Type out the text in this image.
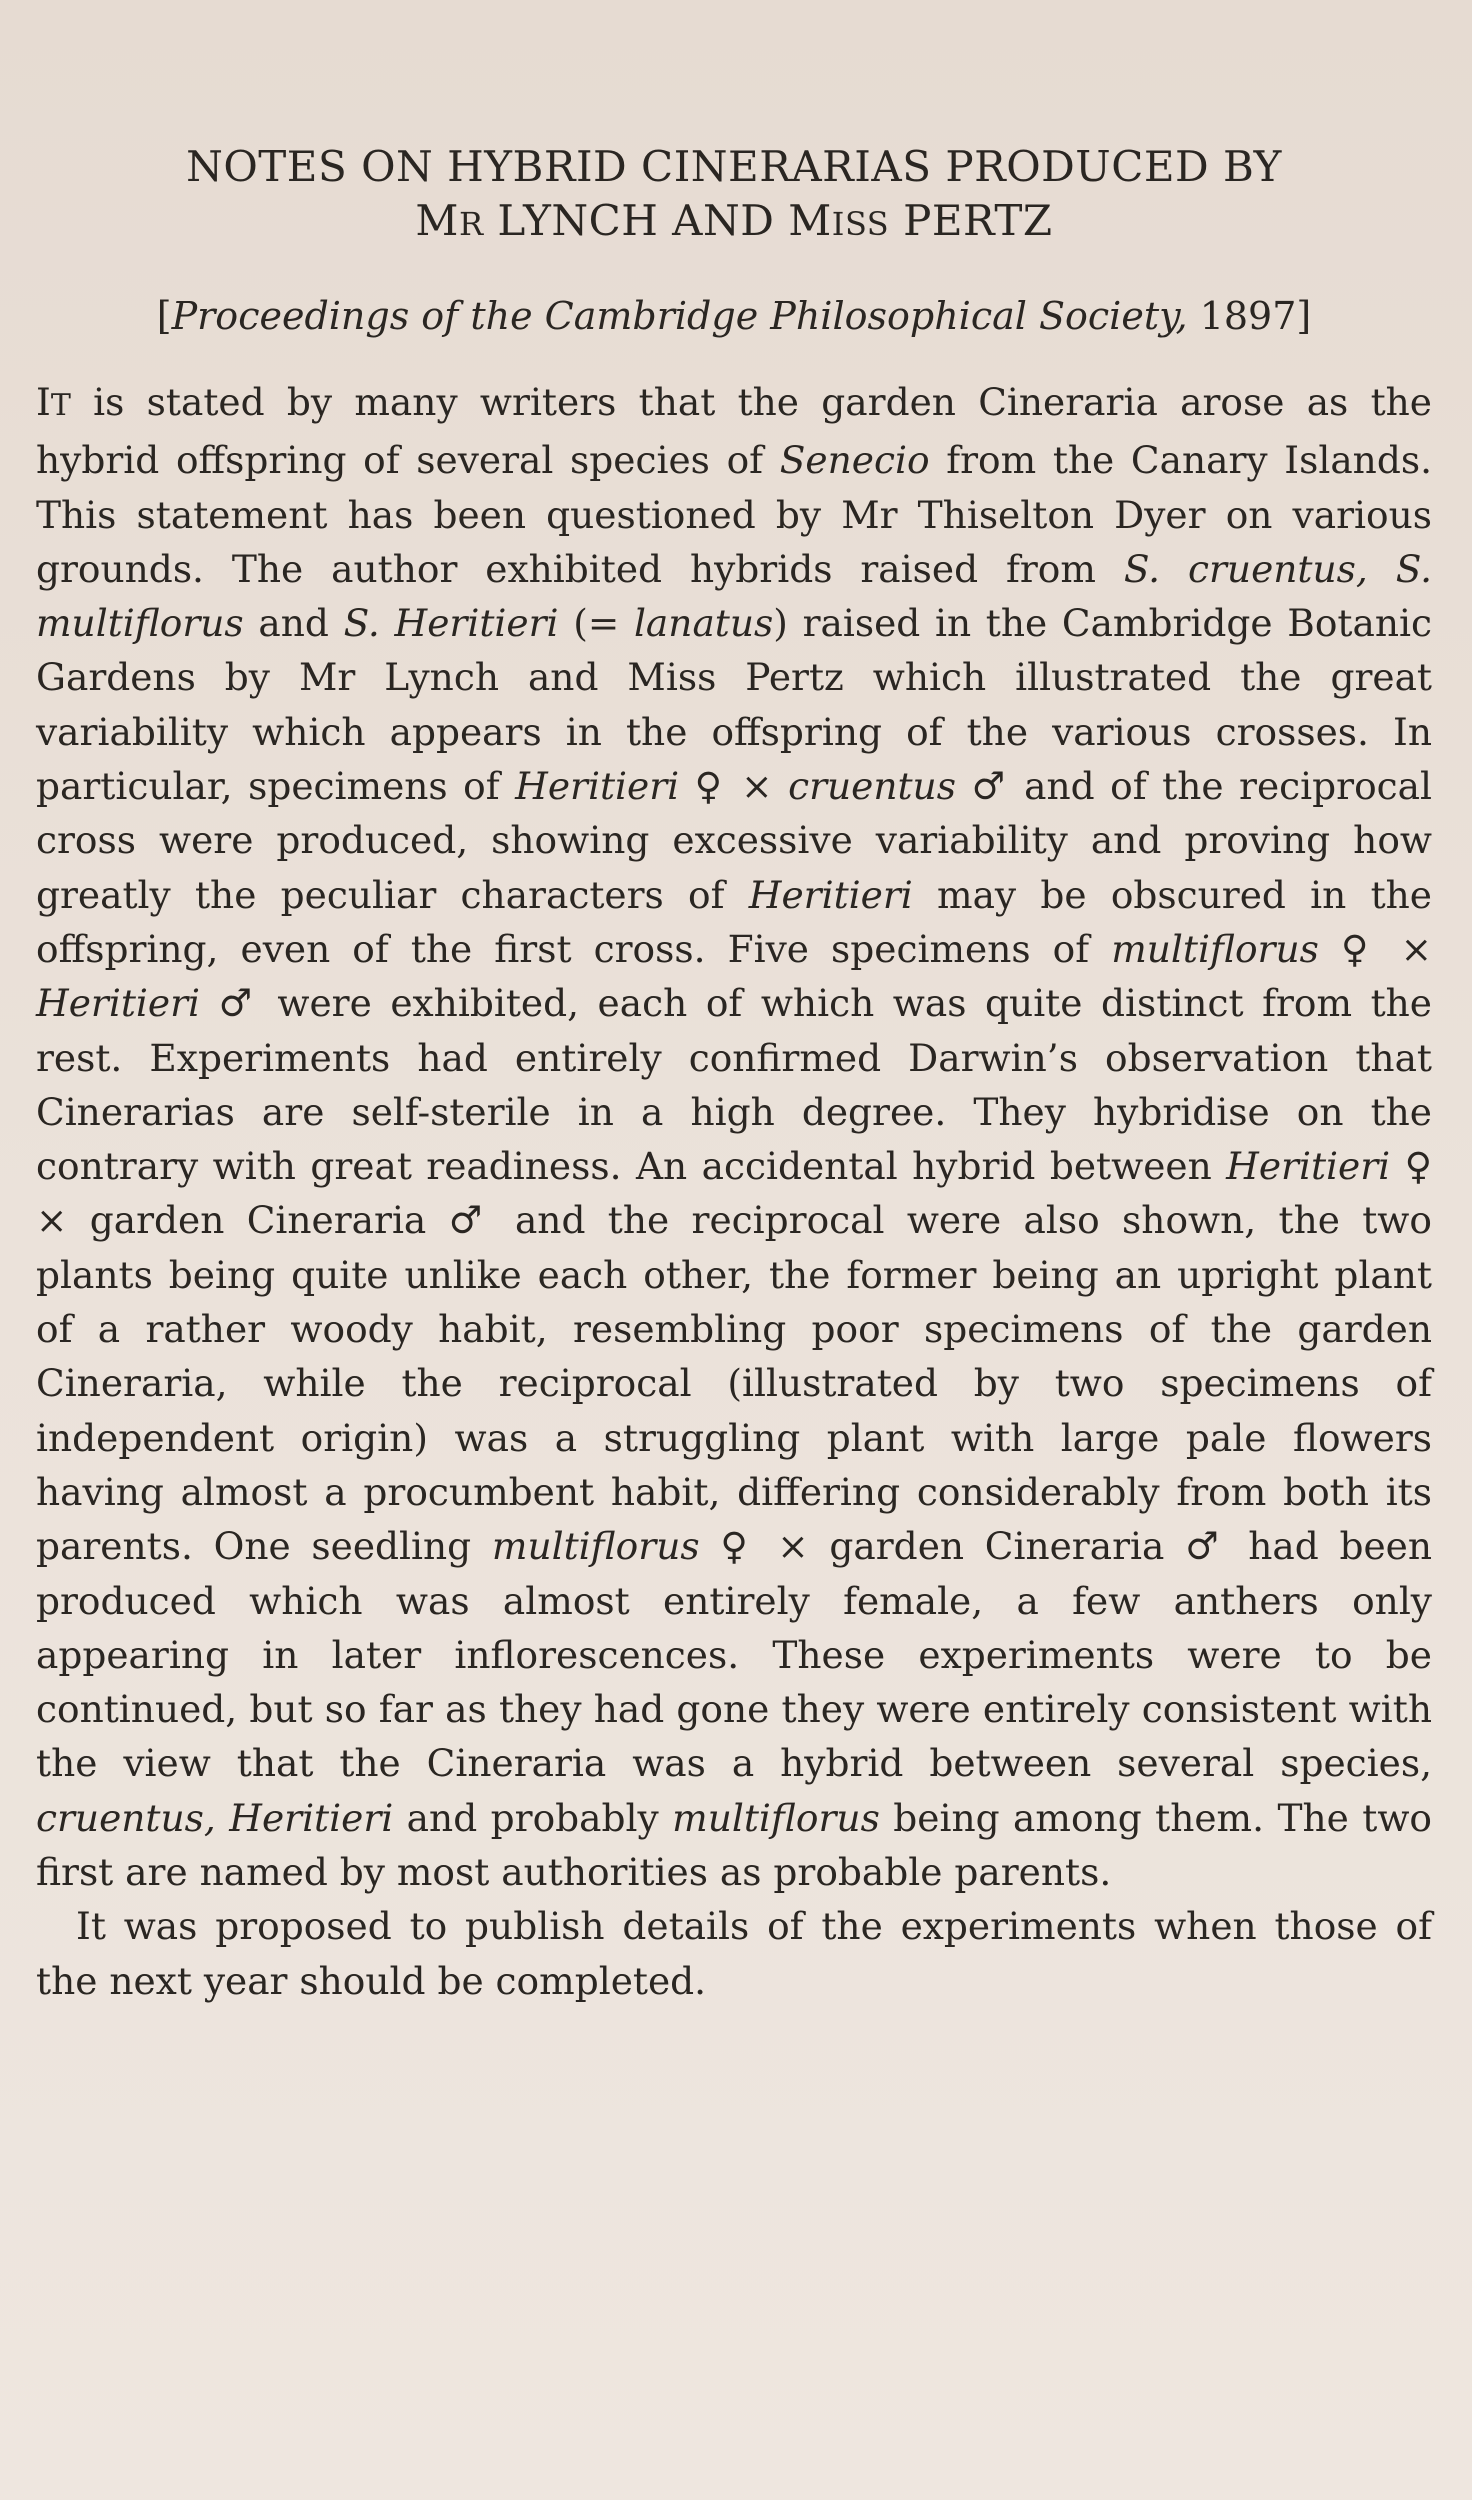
NOTES ON HYBRID CINERARIAS PRODUCED BY
MR LYNCH AND MISS PERTZ
[Proceedings of the Cambridge Philosophical Society, 1897]

IT is stated by many writers that the garden Cineraria arose as the hybrid offspring of several species of Senecio from the Canary Islands. This statement has been questioned by Mr Thiselton Dyer on various grounds. The author exhibited hybrids raised from S. cruentus, S. multiflorus and S. Heritieri (= lanatus) raised in the Cambridge Botanic Gardens by Mr Lynch and Miss Pertz which illustrated the great variability which appears in the offspring of the various crosses. In particular, specimens of Heritieri ♀ × cruentus ♂ and of the reciprocal cross were produced, showing excessive variability and proving how greatly the peculiar characters of Heritieri may be obscured in the offspring, even of the first cross. Five specimens of multiflorus ♀ × Heritieri ♂ were exhibited, each of which was quite distinct from the rest. Experiments had entirely confirmed Darwin’s observation that Cinerarias are self-sterile in a high degree. They hybridise on the contrary with great readiness. An accidental hybrid between Heritieri ♀ × garden Cineraria ♂ and the reciprocal were also shown, the two plants being quite unlike each other, the former being an upright plant of a rather woody habit, resembling poor specimens of the garden Cineraria, while the reciprocal (illustrated by two specimens of independent origin) was a struggling plant with large pale flowers having almost a procumbent habit, differing considerably from both its parents. One seedling multiflorus ♀ × garden Cineraria ♂ had been produced which was almost entirely female, a few anthers only appearing in later inflorescences. These experiments were to be continued, but so far as they had gone they were entirely consistent with the view that the Cineraria was a hybrid between several species, cruentus, Heritieri and probably multiflorus being among them. The two first are named by most authorities as probable parents.

It was proposed to publish details of the experiments when those of the next year should be completed.
